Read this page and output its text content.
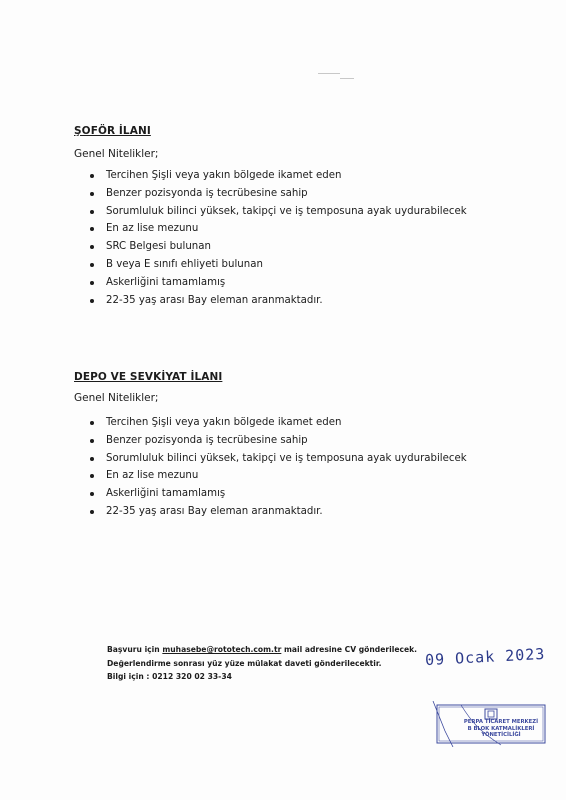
ŞOFÖR İLANI
Genel Nitelikler;
Tercihen Şişli veya yakın bölgede ikamet eden
Benzer pozisyonda iş tecrübesine sahip
Sorumluluk bilinci yüksek, takipçi ve iş temposuna ayak uydurabilecek
En az lise mezunu
SRC Belgesi bulunan
B veya E sınıfı ehliyeti bulunan
Askerliğini tamamlamış
22-35 yaş arası Bay eleman aranmaktadır.
DEPO VE SEVKİYAT İLANI
Genel Nitelikler;
Tercihen Şişli veya yakın bölgede ikamet eden
Benzer pozisyonda iş tecrübesine sahip
Sorumluluk bilinci yüksek, takipçi ve iş temposuna ayak uydurabilecek
En az lise mezunu
Askerliğini tamamlamış
22-35 yaş arası Bay eleman aranmaktadır.
Başvuru için muhasebe@rototech.com.tr mail adresine CV gönderilecek.
Değerlendirme sonrası yüz yüze mülakat daveti gönderilecektir.
Bilgi için : 0212 320 02 33-34
09 Ocak 2023
PERPA TİCARET MERKEZİ
B BLOK KATMALİKLERİ
YÖNETİCİLİĞİ
